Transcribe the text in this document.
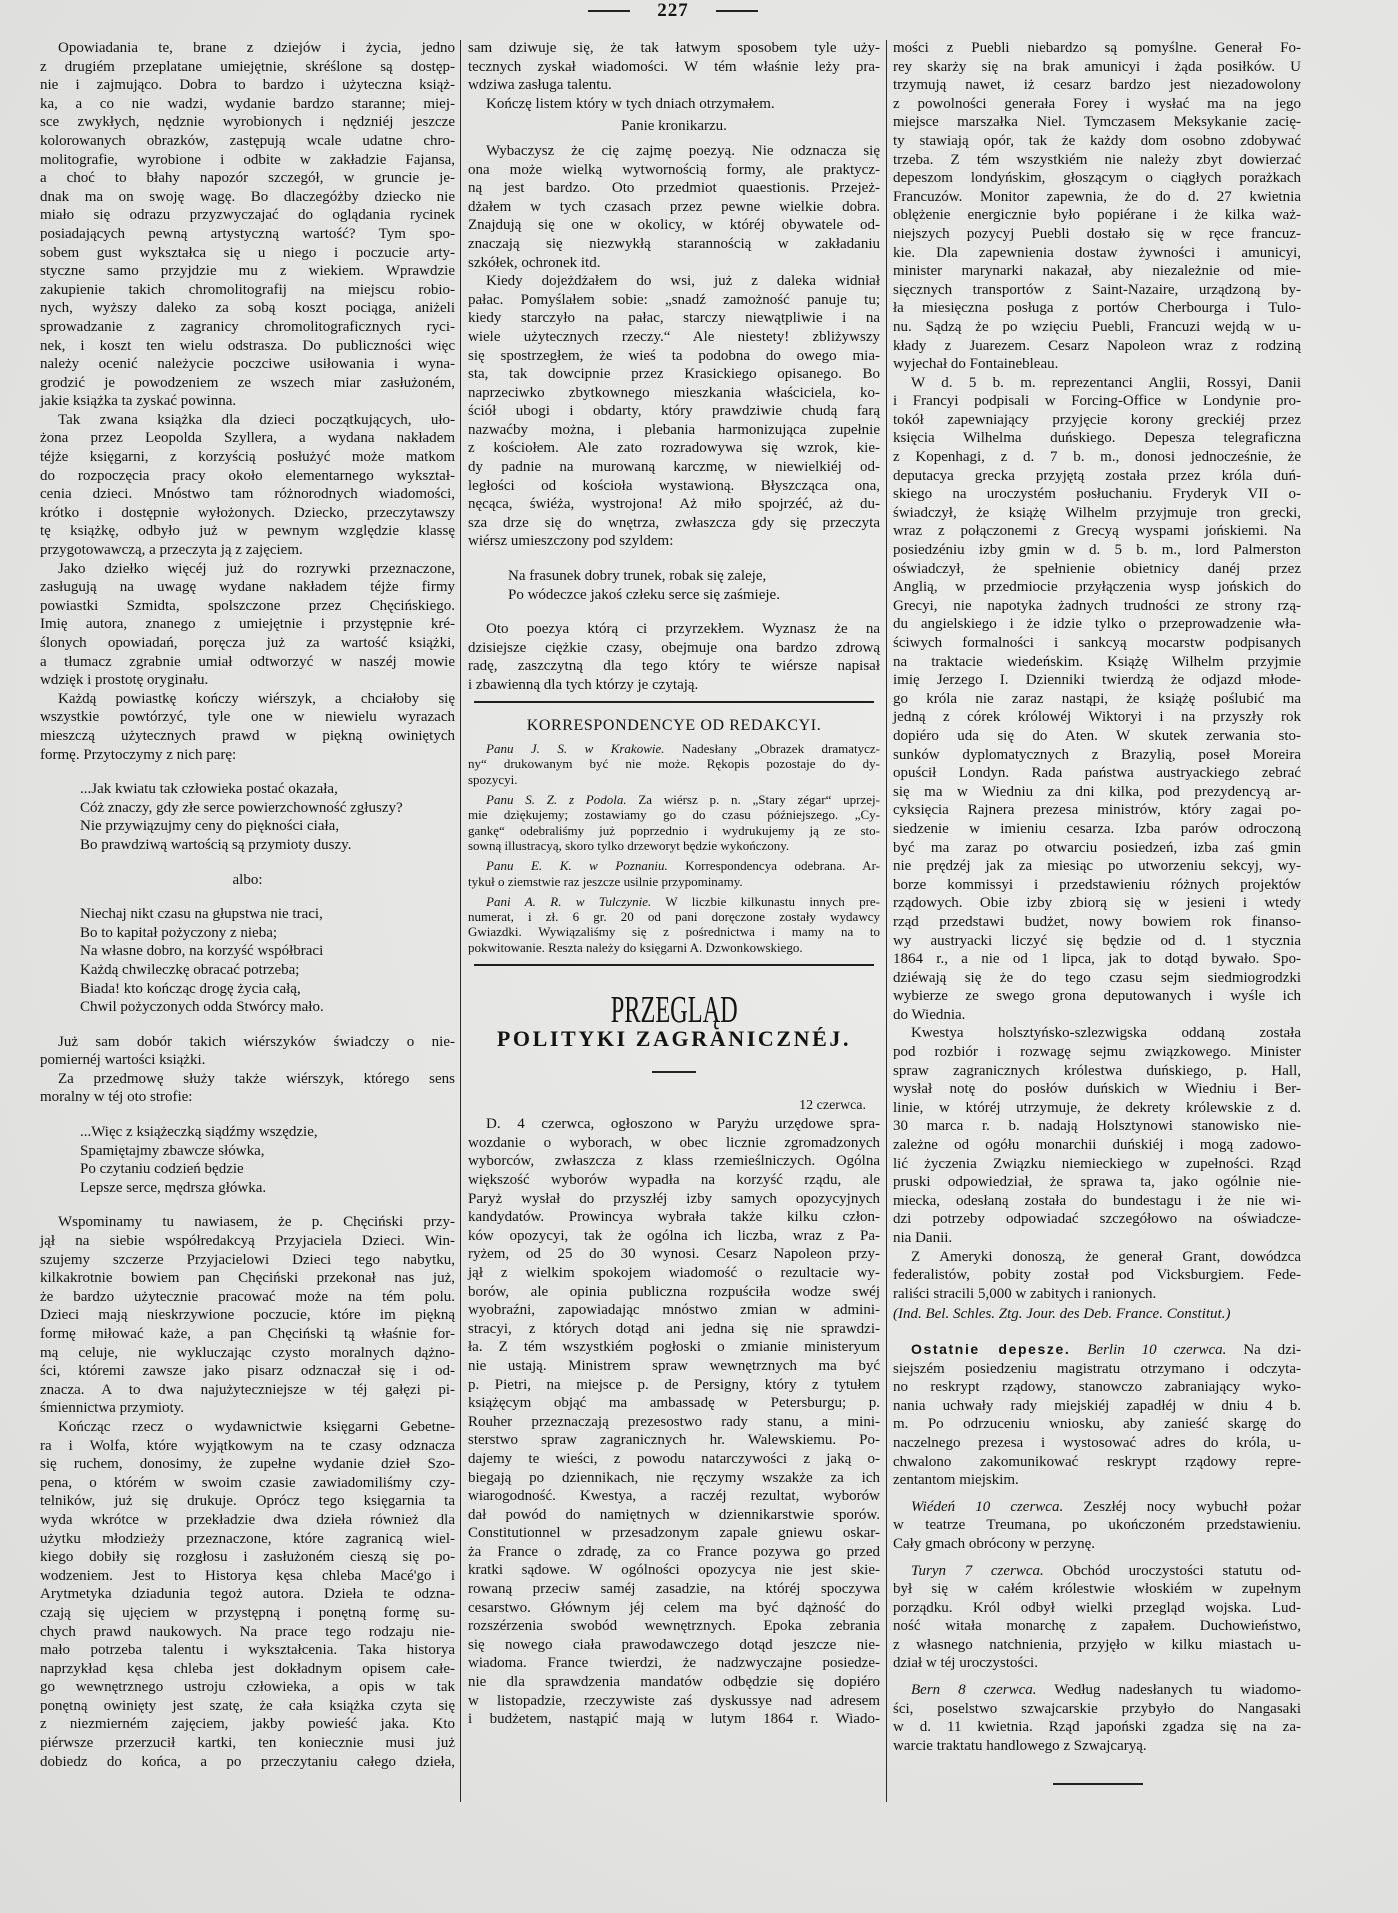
227
Opowiadania te, brane z dziejów i życia, jedno
z drugiém przeplatane umiejętnie, skréślone są dostęp-
nie i zajmująco. Dobra to bardzo i użyteczna książ-
ka, a co nie wadzi, wydanie bardzo staranne; miej-
sce zwykłych, nędznie wyrobionych i nędzniéj jeszcze
kolorowanych obrazków, zastępują wcale udatne chro-
molitografie, wyrobione i odbite w zakładzie Fajansa,
a choć to błahy napozór szczegół, w gruncie je-
dnak ma on swoję wagę. Bo dlaczegóżby dziecko nie
miało się odrazu przyzwyczajać do oglądania rycinek
posiadających pewną artystyczną wartość? Tym spo-
sobem gust wykształca się u niego i poczucie arty-
styczne samo przyjdzie mu z wiekiem. Wprawdzie
zakupienie takich chromolitografij na miejscu robio-
nych, wyższy daleko za sobą koszt pociąga, aniżeli
sprowadzanie z zagranicy chromolitograficznych ryci-
nek, i koszt ten wielu odstrasza. Do publiczności więc
należy ocenić należycie poczciwe usiłowania i wyna-
grodzić je powodzeniem ze wszech miar zasłużoném,
jakie książka ta zyskać powinna.
Tak zwana książka dla dzieci początkujących, uło-
żona przez Leopolda Szyllera, a wydana nakładem
téjże księgarni, z korzyścią posłużyć może matkom
do rozpoczęcia pracy około elementarnego wykształ-
cenia dzieci. Mnóstwo tam różnorodnych wiadomości,
krótko i dostępnie wyłożonych. Dziecko, przeczytawszy
tę książkę, odbyło już w pewnym względzie klassę
przygotowawczą, a przeczyta ją z zajęciem.
Jako dziełko więcéj już do rozrywki przeznaczone,
zasługują na uwagę wydane nakładem téjże firmy
powiastki Szmidta, spolszczone przez Chęcińskiego.
Imię autora, znanego z umiejętnie i przystępnie kré-
ślonych opowiadań, poręcza już za wartość książki,
a tłumacz zgrabnie umiał odtworzyć w naszéj mowie
wdzięk i prostotę oryginału.
Każdą powiastkę kończy wiérszyk, a chciałoby się
wszystkie powtórzyć, tyle one w niewielu wyrazach
mieszczą użytecznych prawd w piękną owiniętych
formę. Przytoczymy z nich parę:
...Jak kwiatu tak człowieka postać okazała,
Cóż znaczy, gdy złe serce powierzchowność zgłuszy?
Nie przywiązujmy ceny do piękności ciała,
Bo prawdziwą wartością są przymioty duszy.
albo:
Niechaj nikt czasu na głupstwa nie traci,
Bo to kapitał pożyczony z nieba;
Na własne dobro, na korzyść współbraci
Każdą chwileczkę obracać potrzeba;
Biada! kto kończąc drogę życia całą,
Chwil pożyczonych odda Stwórcy mało.
Już sam dobór takich wiérszyków świadczy o nie-
pomiernéj wartości książki.
Za przedmowę służy także wiérszyk, którego sens
moralny w téj oto strofie:
...Więc z książeczką siądźmy wszędzie,
Spamiętajmy zbawcze słówka,
Po czytaniu codzień będzie
Lepsze serce, mędrsza główka.
Wspominamy tu nawiasem, że p. Chęciński przy-
jął na siebie współredakcyą Przyjaciela Dzieci. Win-
szujemy szczerze Przyjacielowi Dzieci tego nabytku,
kilkakrotnie bowiem pan Chęciński przekonał nas już,
że bardzo użytecznie pracować może na tém polu.
Dzieci mają nieskrzywione poczucie, które im piękną
formę miłować każe, a pan Chęciński tą właśnie for-
mą celuje, nie wykluczając czysto moralnych dążno-
ści, któremi zawsze jako pisarz odznaczał się i od-
znacza. A to dwa najużyteczniejsze w téj gałęzi pi-
śmiennictwa przymioty.
Kończąc rzecz o wydawnictwie księgarni Gebetne-
ra i Wolfa, które wyjątkowym na te czasy odznacza
się ruchem, donosimy, że zupełne wydanie dzieł Szo-
pena, o którém w swoim czasie zawiadomiliśmy czy-
telników, już się drukuje. Oprócz tego księgarnia ta
wyda wkrótce w przekładzie dwa dzieła również dla
użytku młodzieży przeznaczone, które zagranicą wiel-
kiego dobiły się rozgłosu i zasłużoném cieszą się po-
wodzeniem. Jest to Historya kęsa chleba Macé'go i
Arytmetyka dziadunia tegoż autora. Dzieła te odzna-
czają się ujęciem w przystępną i ponętną formę su-
chych prawd naukowych. Na prace tego rodzaju nie-
mało potrzeba talentu i wykształcenia. Taka historya
naprzykład kęsa chleba jest dokładnym opisem całe-
go wewnętrznego ustroju człowieka, a opis w tak
ponętną owinięty jest szatę, że cała książka czyta się
z niezmierném zajęciem, jakby powieść jaka. Kto
piérwsze przerzucił kartki, ten koniecznie musi już
dobiedz do końca, a po przeczytaniu całego dzieła,
sam dziwuje się, że tak łatwym sposobem tyle uży-
tecznych zyskał wiadomości. W tém właśnie leży pra-
wdziwa zasługa talentu.
Kończę listem który w tych dniach otrzymałem.
Panie kronikarzu.
Wybaczysz że cię zajmę poezyą. Nie odznacza się
ona może wielką wytwornością formy, ale praktycz-
ną jest bardzo. Oto przedmiot quaestionis. Przejeż-
dżałem w tych czasach przez pewne wielkie dobra.
Znajdują się one w okolicy, w któréj obywatele od-
znaczają się niezwykłą starannością w zakładaniu
szkółek, ochronek itd.
Kiedy dojeżdżałem do wsi, już z daleka widniał
pałac. Pomyślałem sobie: „snadź zamożność panuje tu;
kiedy starczyło na pałac, starczy niewątpliwie i na
wiele użytecznych rzeczy.“ Ale niestety! zbliżywszy
się spostrzegłem, że wieś ta podobna do owego mia-
sta, tak dowcipnie przez Krasickiego opisanego. Bo
naprzeciwko zbytkownego mieszkania właściciela, ko-
ściół ubogi i obdarty, który prawdziwie chudą farą
nazwaćby można, i plebania harmonizująca zupełnie
z kościołem. Ale zato rozradowywa się wzrok, kie-
dy padnie na murowaną karczmę, w niewielkiéj od-
ległości od kościoła wystawioną. Błyszcząca ona,
nęcąca, świéża, wystrojona! Aż miło spojrzéć, aż du-
sza drze się do wnętrza, zwłaszcza gdy się przeczyta
wiérsz umieszczony pod szyldem:
Na frasunek dobry trunek, robak się zaleje,
Po wódeczce jakoś człeku serce się zaśmieje.
Oto poezya którą ci przyrzekłem. Wyznasz że na
dzisiejsze ciężkie czasy, obejmuje ona bardzo zdrową
radę, zaszczytną dla tego który te wiérsze napisał
i zbawienną dla tych którzy je czytają.
KORRESPONDENCYE OD REDAKCYI.
Panu J. S. w Krakowie. Nadesłany „Obrazek dramatycz-
ny“ drukowanym być nie może. Rękopis pozostaje do dy-
spozycyi.
Panu S. Z. z Podola. Za wiérsz p. n. „Stary zégar“ uprzej-
mie dziękujemy; zostawiamy go do czasu późniejszego. „Cy-
gankę“ odebraliśmy już poprzednio i wydrukujemy ją ze sto-
sowną illustracyą, skoro tylko drzeworyt będzie wykończony.
Panu E. K. w Poznaniu. Korrespondencya odebrana. Ar-
tykuł o ziemstwie raz jeszcze usilnie przypominamy.
Pani A. R. w Tulczynie. W liczbie kilkunastu innych pre-
numerat, i zł. 6 gr. 20 od pani doręczone zostały wydawcy
Gwiazdki. Wywiązaliśmy się z pośrednictwa i mamy na to
pokwitowanie. Reszta należy do księgarni A. Dzwonkowskiego.
PRZEGLĄD
POLITYKI ZAGRANICZNÉJ.
12 czerwca.
D. 4 czerwca, ogłoszono w Paryżu urzędowe spra-
wozdanie o wyborach, w obec licznie zgromadzonych
wyborców, zwłaszcza z klass rzemieślniczych. Ogólna
większość wyborów wypadła na korzyść rządu, ale
Paryż wysłał do przyszłéj izby samych opozycyjnych
kandydatów. Prowincya wybrała także kilku człon-
ków opozycyi, tak że ogólna ich liczba, wraz z Pa-
ryżem, od 25 do 30 wynosi. Cesarz Napoleon przy-
jął z wielkim spokojem wiadomość o rezultacie wy-
borów, ale opinia publiczna rozpuściła wodze swéj
wyobraźni, zapowiadając mnóstwo zmian w admini-
stracyi, z których dotąd ani jedna się nie sprawdzi-
ła. Z tém wszystkiém pogłoski o zmianie ministeryum
nie ustają. Ministrem spraw wewnętrznych ma być
p. Pietri, na miejsce p. de Persigny, który z tytułem
książęcym objąć ma ambassadę w Petersburgu; p.
Rouher przeznaczają prezesostwo rady stanu, a mini-
sterstwo spraw zagranicznych hr. Walewskiemu. Po-
dajemy te wieści, z powodu natarczywości z jaką o-
biegają po dziennikach, nie ręczymy wszakże za ich
wiarogodność. Kwestya, a raczéj rezultat, wyborów
dał powód do namiętnych w dziennikarstwie sporów.
Constitutionnel w przesadzonym zapale gniewu oskar-
ża France o zdradę, za co France pozywa go przed
kratki sądowe. W ogólności opozycya nie jest skie-
rowaną przeciw saméj zasadzie, na któréj spoczywa
cesarstwo. Głównym jéj celem ma być dążność do
rozszérzenia swobód wewnętrznych. Epoka zebrania
się nowego ciała prawodawczego dotąd jeszcze nie-
wiadoma. France twierdzi, że nadzwyczajne posiedze-
nie dla sprawdzenia mandatów odbędzie się dopiéro
w listopadzie, rzeczywiste zaś dyskussye nad adresem
i budżetem, nastąpić mają w lutym 1864 r. Wiado-
mości z Puebli niebardzo są pomyślne. Generał Fo-
rey skarży się na brak amunicyi i żąda posiłków. U
trzymują nawet, iż cesarz bardzo jest niezadowolony
z powolności generała Forey i wysłać ma na jego
miejsce marszałka Niel. Tymczasem Meksykanie zacię-
ty stawiają opór, tak że każdy dom osobno zdobywać
trzeba. Z tém wszystkiém nie należy zbyt dowierzać
depeszom londyńskim, głoszącym o ciągłych porażkach
Francuzów. Monitor zapewnia, że do d. 27 kwietnia
oblężenie energicznie było popiérane i że kilka waż-
niejszych pozycyj Puebli dostało się w ręce francuz-
kie. Dla zapewnienia dostaw żywności i amunicyi,
minister marynarki nakazał, aby niezależnie od mie-
sięcznych transportów z Saint-Nazaire, urządzoną by-
ła miesięczna posługa z portów Cherbourga i Tulo-
nu. Sądzą że po wzięciu Puebli, Francuzi wejdą w u-
kłady z Juarezem. Cesarz Napoleon wraz z rodziną
wyjechał do Fontainebleau.
W d. 5 b. m. reprezentanci Anglii, Rossyi, Danii
i Francyi podpisali w Forcing-Office w Londynie pro-
tokół zapewniający przyjęcie korony greckiéj przez
księcia Wilhelma duńskiego. Depesza telegraficzna
z Kopenhagi, z d. 7 b. m., donosi jednocześnie, że
deputacya grecka przyjętą została przez króla duń-
skiego na uroczystém posłuchaniu. Fryderyk VII o-
świadczył, że książę Wilhelm przyjmuje tron grecki,
wraz z połączonemi z Grecyą wyspami jońskiemi. Na
posiedzéniu izby gmin w d. 5 b. m., lord Palmerston
oświadczył, że spełnienie obietnicy danéj przez
Anglią, w przedmiocie przyłączenia wysp jońskich do
Grecyi, nie napotyka żadnych trudności ze strony rzą-
du angielskiego i że idzie tylko o przeprowadzenie wła-
ściwych formalności i sankcyą mocarstw podpisanych
na traktacie wiedeńskim. Książę Wilhelm przyjmie
imię Jerzego I. Dzienniki twierdzą że odjazd młode-
go króla nie zaraz nastąpi, że książę poślubić ma
jedną z córek królowéj Wiktoryi i na przyszły rok
dopiéro uda się do Aten. W skutek zerwania sto-
sunków dyplomatycznych z Brazylią, poseł Moreira
opuścił Londyn. Rada państwa austryackiego zebrać
się ma w Wiedniu za dni kilka, pod prezydencyą ar-
cyksięcia Rajnera prezesa ministrów, który zagai po-
siedzenie w imieniu cesarza. Izba parów odroczoną
być ma zaraz po otwarciu posiedzeń, izba zaś gmin
nie prędzéj jak za miesiąc po utworzeniu sekcyj, wy-
borze kommissyi i przedstawieniu różnych projektów
rządowych. Obie izby zbiorą się w jesieni i wtedy
rząd przedstawi budżet, nowy bowiem rok finanso-
wy austryacki liczyć się będzie od d. 1 stycznia
1864 r., a nie od 1 lipca, jak to dotąd bywało. Spo-
dziéwają się że do tego czasu sejm siedmiogrodzki
wybierze ze swego grona deputowanych i wyśle ich
do Wiednia.
Kwestya holsztyńsko-szlezwigska oddaną została
pod rozbiór i rozwagę sejmu związkowego. Minister
spraw zagranicznych królestwa duńskiego, p. Hall,
wysłał notę do posłów duńskich w Wiedniu i Ber-
linie, w któréj utrzymuje, że dekrety królewskie z d.
30 marca r. b. nadają Holsztynowi stanowisko nie-
zależne od ogółu monarchii duńskiéj i mogą zadowo-
lić życzenia Związku niemieckiego w zupełności. Rząd
pruski odpowiedział, że sprawa ta, jako ogólnie nie-
miecka, odesłaną została do bundestagu i że nie wi-
dzi potrzeby odpowiadać szczegółowo na oświadcze-
nia Danii.
Z Ameryki donoszą, że generał Grant, dowódzca
federalistów, pobity został pod Vicksburgiem. Fede-
raliści stracili 5,000 w zabitych i ranionych.
(Ind. Bel. Schles. Ztg. Jour. des Deb. France. Constitut.)
Ostatnie depesze. Berlin 10 czerwca. Na dzi-
siejszém posiedzeniu magistratu otrzymano i odczyta-
no reskrypt rządowy, stanowczo zabraniający wyko-
nania uchwały rady miejskiéj zapadłéj w dniu 4 b.
m. Po odrzuceniu wniosku, aby zanieść skargę do
naczelnego prezesa i wystosować adres do króla, u-
chwalono zakomunikować reskrypt rządowy repre-
zentantom miejskim.
Wiédeń 10 czerwca. Zeszłéj nocy wybuchł pożar
w teatrze Treumana, po ukończoném przedstawieniu.
Cały gmach obrócony w perzynę.
Turyn 7 czerwca. Obchód uroczystości statutu od-
był się w całém królestwie włoskiém w zupełnym
porządku. Król odbył wielki przegląd wojska. Lud-
ność witała monarchę z zapałem. Duchowieństwo,
z własnego natchnienia, przyjęło w kilku miastach u-
dział w téj uroczystości.
Bern 8 czerwca. Według nadesłanych tu wiadomo-
ści, poselstwo szwajcarskie przybyło do Nangasaki
w d. 11 kwietnia. Rząd japoński zgadza się na za-
warcie traktatu handlowego z Szwajcaryą.
